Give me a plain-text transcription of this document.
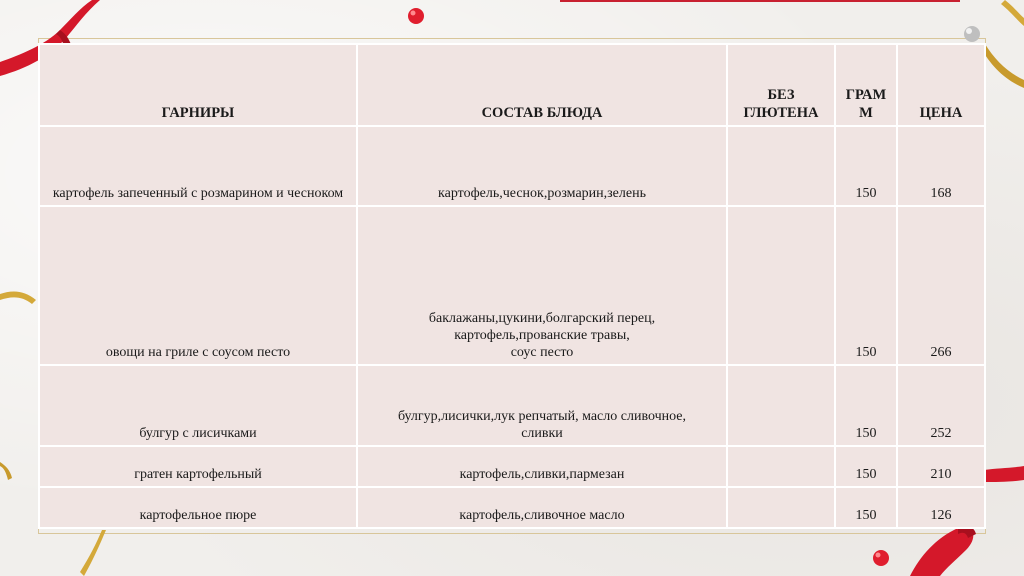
ГАРНИРЫ	СОСТАВ БЛЮДА	БЕЗ ГЛЮТЕНА	ГРАМ М	ЦЕНА
картофель запеченный с розмарином и чесноком	картофель,чеснок,розмарин,зелень		150	168
овощи на гриле с соусом песто	баклажаны,цукини,болгарский перец,
картофель,прованские травы,
соус песто		150	266
булгур с лисичками	булгур,лисички,лук репчатый, масло сливочное,
сливки		150	252
гратен картофельный	картофель,сливки,пармезан		150	210
картофельное пюре	картофель,сливочное масло		150	126
